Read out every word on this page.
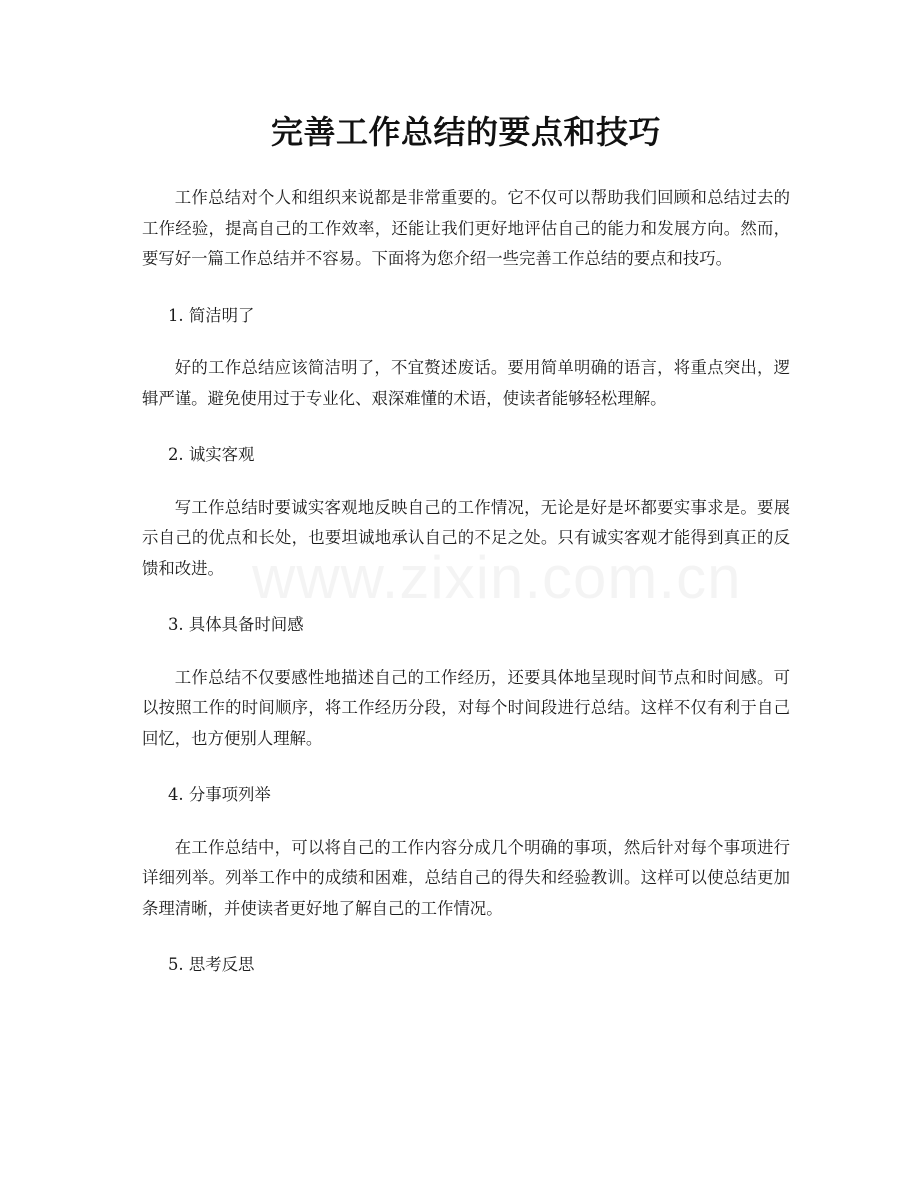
完善工作总结的要点和技巧

工作总结对个人和组织来说都是非常重要的。它不仅可以帮助我们回顾和总结过去的工作经验，提高自己的工作效率，还能让我们更好地评估自己的能力和发展方向。然而，要写好一篇工作总结并不容易。下面将为您介绍一些完善工作总结的要点和技巧。

1. 简洁明了

好的工作总结应该简洁明了，不宜赘述废话。要用简单明确的语言，将重点突出，逻辑严谨。避免使用过于专业化、艰深难懂的术语，使读者能够轻松理解。

2. 诚实客观

写工作总结时要诚实客观地反映自己的工作情况，无论是好是坏都要实事求是。要展示自己的优点和长处，也要坦诚地承认自己的不足之处。只有诚实客观才能得到真正的反馈和改进。

3. 具体具备时间感

工作总结不仅要感性地描述自己的工作经历，还要具体地呈现时间节点和时间感。可以按照工作的时间顺序，将工作经历分段，对每个时间段进行总结。这样不仅有利于自己回忆，也方便别人理解。

4. 分事项列举

在工作总结中，可以将自己的工作内容分成几个明确的事项，然后针对每个事项进行详细列举。列举工作中的成绩和困难，总结自己的得失和经验教训。这样可以使总结更加条理清晰，并使读者更好地了解自己的工作情况。

5. 思考反思
